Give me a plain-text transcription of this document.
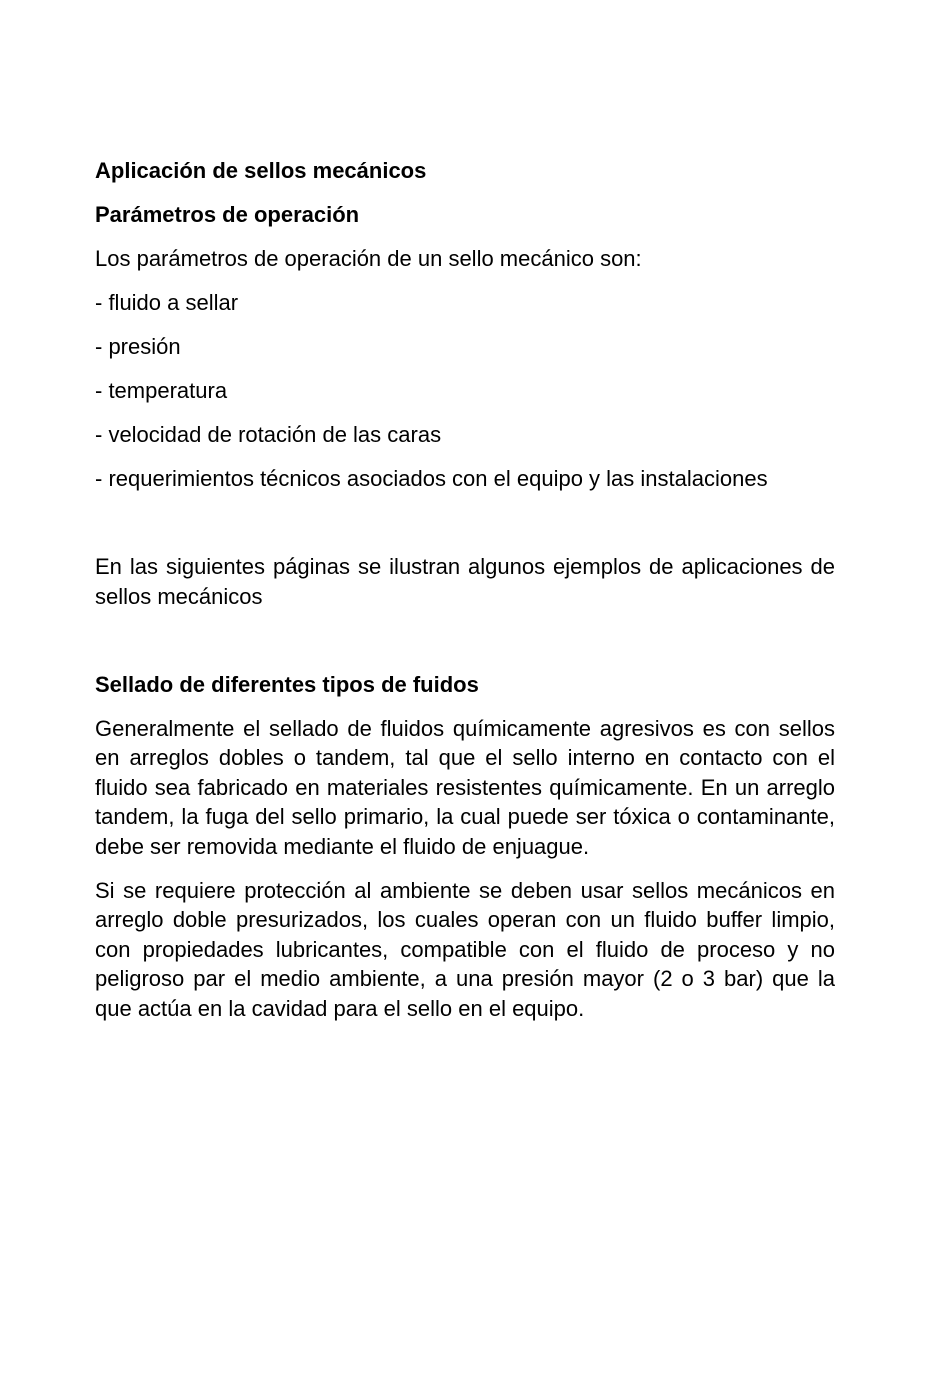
Aplicación de sellos mecánicos
Parámetros de operación

Los parámetros de operación de un sello mecánico son:

- fluido a sellar

- presión

- temperatura

- velocidad de rotación de las caras

- requerimientos técnicos asociados con el equipo y las instalaciones

En las siguientes páginas se ilustran algunos ejemplos de aplicaciones de sellos mecánicos

Sellado de diferentes tipos de fuidos

Generalmente el sellado de fluidos químicamente agresivos es con sellos en arreglos dobles o tandem, tal que el sello interno en contacto con el fluido sea fabricado en materiales resistentes químicamente. En un arreglo tandem, la fuga del sello primario, la cual puede ser tóxica o contaminante, debe ser removida mediante el fluido de enjuague.

Si se requiere protección al ambiente se deben usar sellos mecánicos en arreglo doble presurizados, los cuales operan con un fluido buffer limpio, con propiedades lubricantes, compatible con el fluido de proceso y no peligroso par el medio ambiente, a una presión mayor (2 o 3 bar) que la que actúa en la cavidad para el sello en el equipo.
